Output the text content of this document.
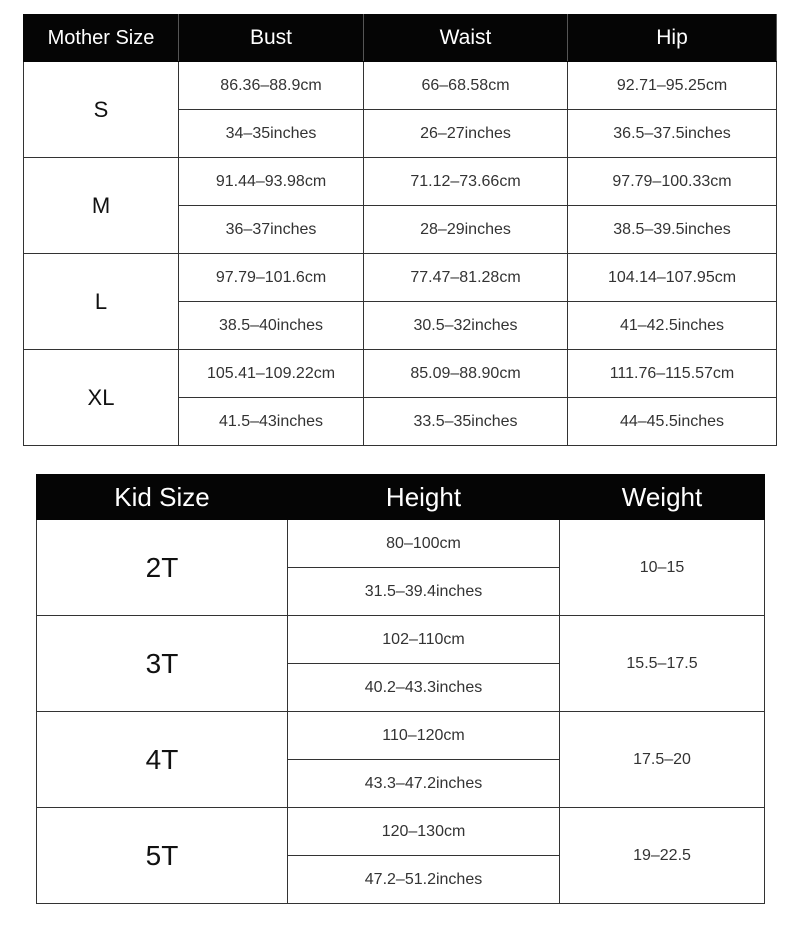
Mother Size	Bust	Waist	Hip
S	86.36–88.9cm	66–68.58cm	92.71–95.25cm
	34–35inches	26–27inches	36.5–37.5inches
M	91.44–93.98cm	71.12–73.66cm	97.79–100.33cm
	36–37inches	28–29inches	38.5–39.5inches
L	97.79–101.6cm	77.47–81.28cm	104.14–107.95cm
	38.5–40inches	30.5–32inches	41–42.5inches
XL	105.41–109.22cm	85.09–88.90cm	111.76–115.57cm
	41.5–43inches	33.5–35inches	44–45.5inches
Kid Size	Height	Weight
2T	80–100cm	10–15
	31.5–39.4inches	
3T	102–110cm	15.5–17.5
	40.2–43.3inches	
4T	110–120cm	17.5–20
	43.3–47.2inches	
5T	120–130cm	19–22.5
	47.2–51.2inches	
